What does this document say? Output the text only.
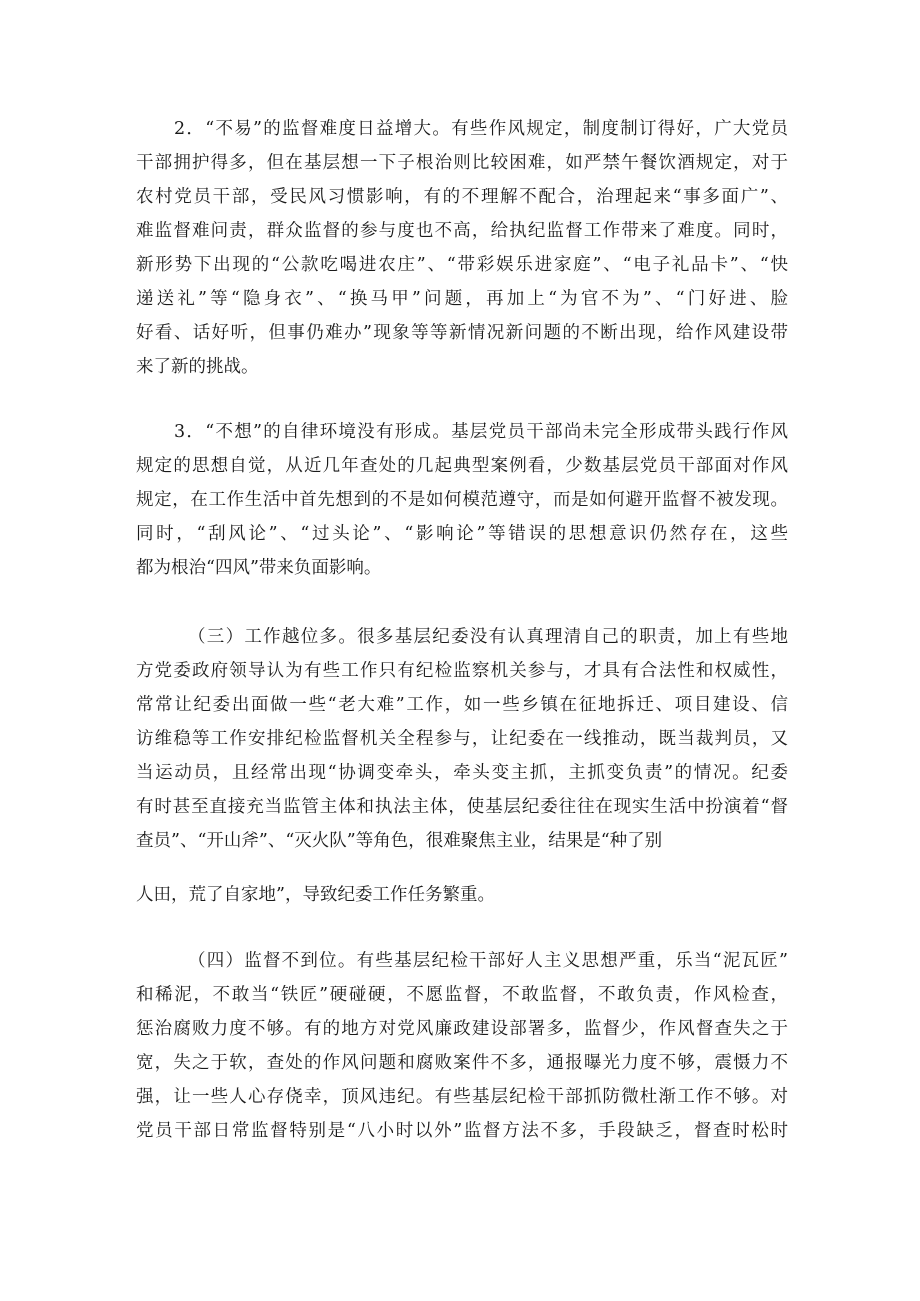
2．“不易”的监督难度日益增大。有些作风规定，制度制订得好，广大党员
干部拥护得多，但在基层想一下子根治则比较困难，如严禁午餐饮酒规定，对于
农村党员干部，受民风习惯影响，有的不理解不配合，治理起来“事多面广”、
难监督难问责，群众监督的参与度也不高，给执纪监督工作带来了难度。同时，
新形势下出现的“公款吃喝进农庄”、“带彩娱乐进家庭”、“电子礼品卡”、“快
递送礼”等“隐身衣”、“换马甲”问题，再加上“为官不为”、“门好进、脸
好看、话好听，但事仍难办”现象等等新情况新问题的不断出现，给作风建设带
来了新的挑战。
3．“不想”的自律环境没有形成。基层党员干部尚未完全形成带头践行作风
规定的思想自觉，从近几年查处的几起典型案例看，少数基层党员干部面对作风
规定，在工作生活中首先想到的不是如何模范遵守，而是如何避开监督不被发现。
同时，“刮风论”、“过头论”、“影响论”等错误的思想意识仍然存在，这些
都为根治“四风”带来负面影响。
（三）工作越位多。很多基层纪委没有认真理清自己的职责，加上有些地
方党委政府领导认为有些工作只有纪检监察机关参与，才具有合法性和权威性，
常常让纪委出面做一些“老大难”工作，如一些乡镇在征地拆迁、项目建设、信
访维稳等工作安排纪检监督机关全程参与，让纪委在一线推动，既当裁判员，又
当运动员，且经常出现“协调变牵头，牵头变主抓，主抓变负责”的情况。纪委
有时甚至直接充当监管主体和执法主体，使基层纪委往往在现实生活中扮演着“督
查员”、“开山斧”、“灭火队”等角色，很难聚焦主业，结果是“种了别
人田，荒了自家地”，导致纪委工作任务繁重。
（四）监督不到位。有些基层纪检干部好人主义思想严重，乐当“泥瓦匠”
和稀泥，不敢当“铁匠”硬碰硬，不愿监督，不敢监督，不敢负责，作风检查，
惩治腐败力度不够。有的地方对党风廉政建设部署多，监督少，作风督查失之于
宽，失之于软，查处的作风问题和腐败案件不多，通报曝光力度不够，震慑力不
强，让一些人心存侥幸，顶风违纪。有些基层纪检干部抓防微杜渐工作不够。对
党员干部日常监督特别是“八小时以外”监督方法不多，手段缺乏，督查时松时
